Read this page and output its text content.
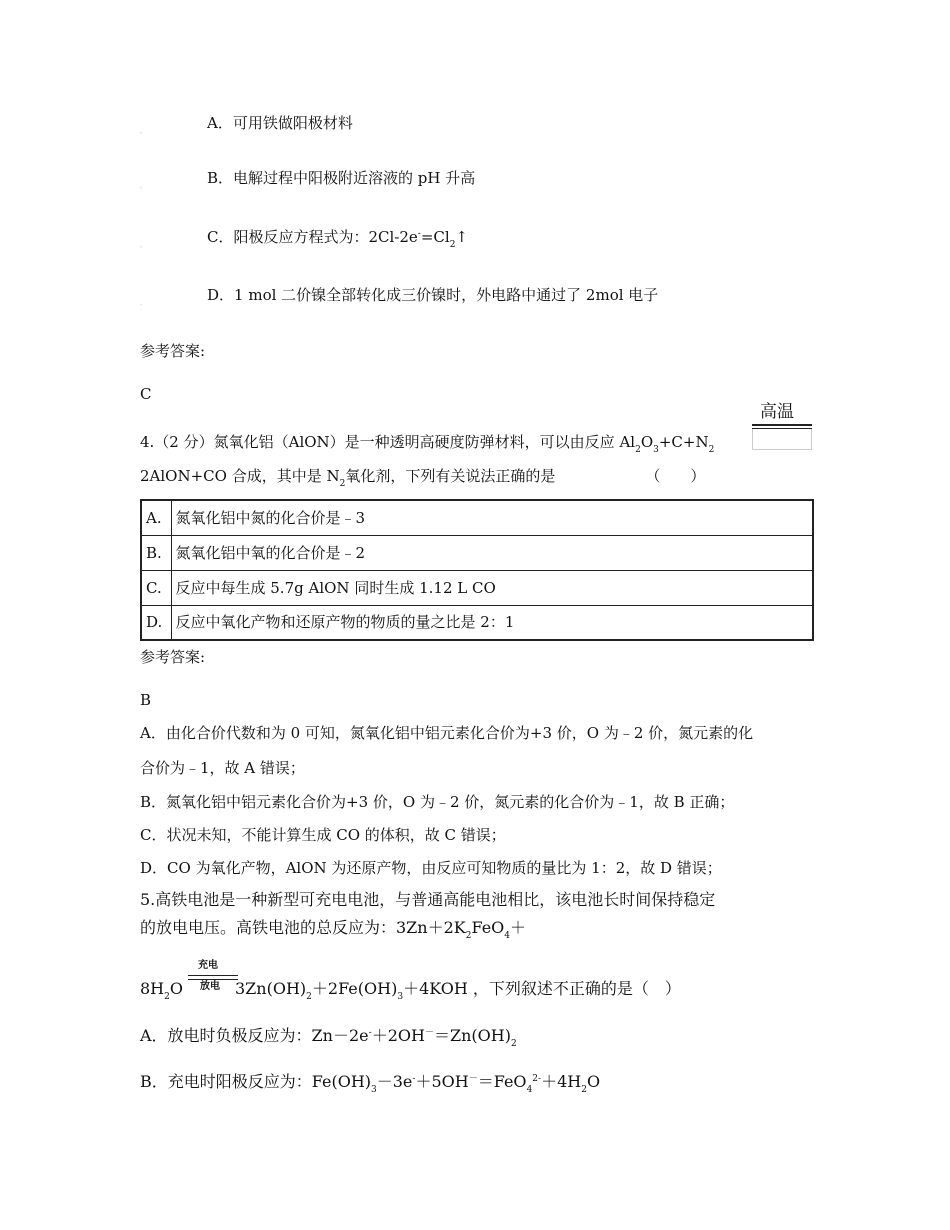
。	A．可用铁做阳极材料
。	B．电解过程中阳极附近溶液的 pH 升高
。	C．阳极反应方程式为：$2Cl-2e^-=Cl_2↑$
。	D．1 mol 二价镍全部转化成三价镍时，外电路中通过了 2mol 电子
参考答案:
C
高温
4.（2 分）氮氧化铝（AlON）是一种透明高硬度防弹材料，可以由反应 $Al_2O_3+C+N_2$
2AlON+CO 合成，其中是 $N_2$氧化剂，下列有关说法正确的是	（　　）
A.	氮氧化铝中氮的化合价是﹣3
B.	氮氧化铝中氧的化合价是﹣2
C.	反应中每生成 5.7g AlON 同时生成 1.12 L CO
D.	反应中氧化产物和还原产物的物质的量之比是 2：1
参考答案:
B
A．由化合价代数和为 0 可知，氮氧化铝中铝元素化合价为+3 价，O 为﹣2 价，氮元素的化
合价为﹣1，故 A 错误；
B．氮氧化铝中铝元素化合价为+3 价，O 为﹣2 价，氮元素的化合价为﹣1，故 B 正确；
C．状况未知，不能计算生成 CO 的体积，故 C 错误；
D．CO 为氧化产物，AlON 为还原产物，由反应可知物质的量比为 1：2，故 D 错误；
5.高铁电池是一种新型可充电电池，与普通高能电池相比，该电池长时间保持稳定
的放电电压。高铁电池的总反应为：$3Zn+2K_2FeO_4+$
充电
放电
$8H_2O$	$3Zn(OH)_2+2Fe(OH)_3+4KOH$ ，下列叙述不正确的是（　）
A．放电时负极反应为：$Zn-2e^-+2OH^-=Zn(OH)_2$
B．充电时阳极反应为：$Fe(OH)_3-3e^-+5OH^-=FeO_4^{2-}+4H_2O$
